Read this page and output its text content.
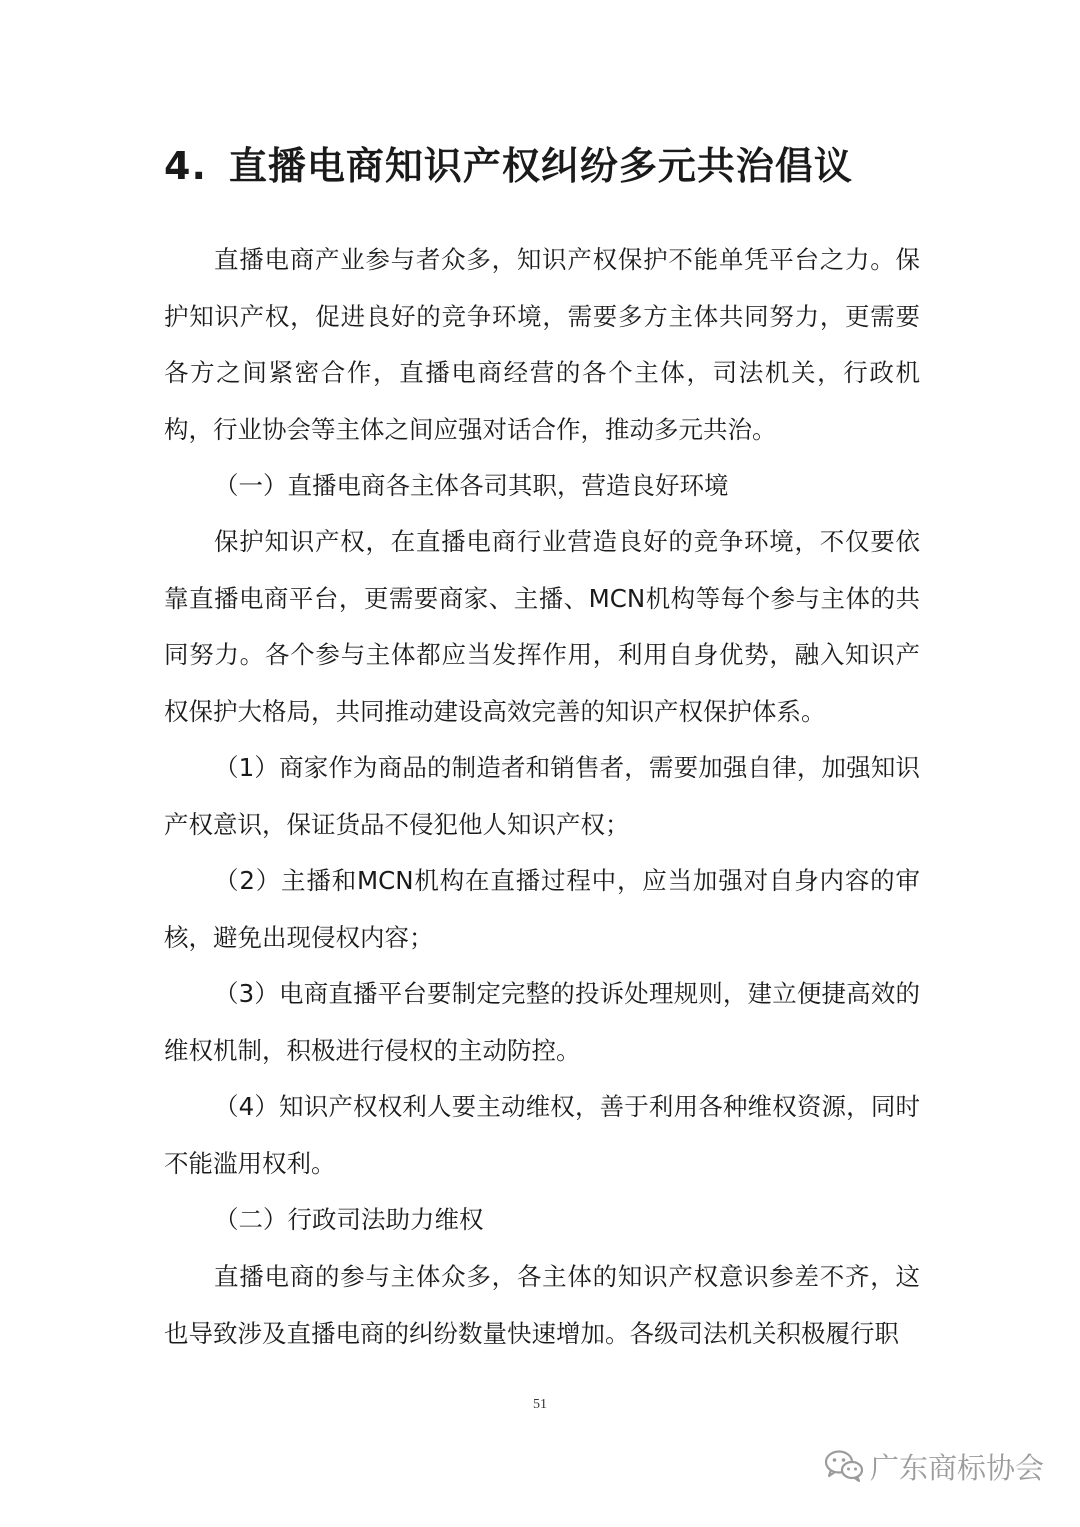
4. 直播电商知识产权纠纷多元共治倡议

直播电商产业参与者众多，知识产权保护不能单凭平台之力。保护知识产权，促进良好的竞争环境，需要多方主体共同努力，更需要各方之间紧密合作，直播电商经营的各个主体，司法机关，行政机构，行业协会等主体之间应强对话合作，推动多元共治。

（一）直播电商各主体各司其职，营造良好环境

保护知识产权，在直播电商行业营造良好的竞争环境，不仅要依靠直播电商平台，更需要商家、主播、MCN机构等每个参与主体的共同努力。各个参与主体都应当发挥作用，利用自身优势，融入知识产权保护大格局，共同推动建设高效完善的知识产权保护体系。

（1）商家作为商品的制造者和销售者，需要加强自律，加强知识产权意识，保证货品不侵犯他人知识产权；

（2）主播和MCN机构在直播过程中，应当加强对自身内容的审核，避免出现侵权内容；

（3）电商直播平台要制定完整的投诉处理规则，建立便捷高效的维权机制，积极进行侵权的主动防控。

（4）知识产权权利人要主动维权，善于利用各种维权资源，同时不能滥用权利。

（二）行政司法助力维权

直播电商的参与主体众多，各主体的知识产权意识参差不齐，这也导致涉及直播电商的纠纷数量快速增加。各级司法机关积极履行职

51
广东商标协会
